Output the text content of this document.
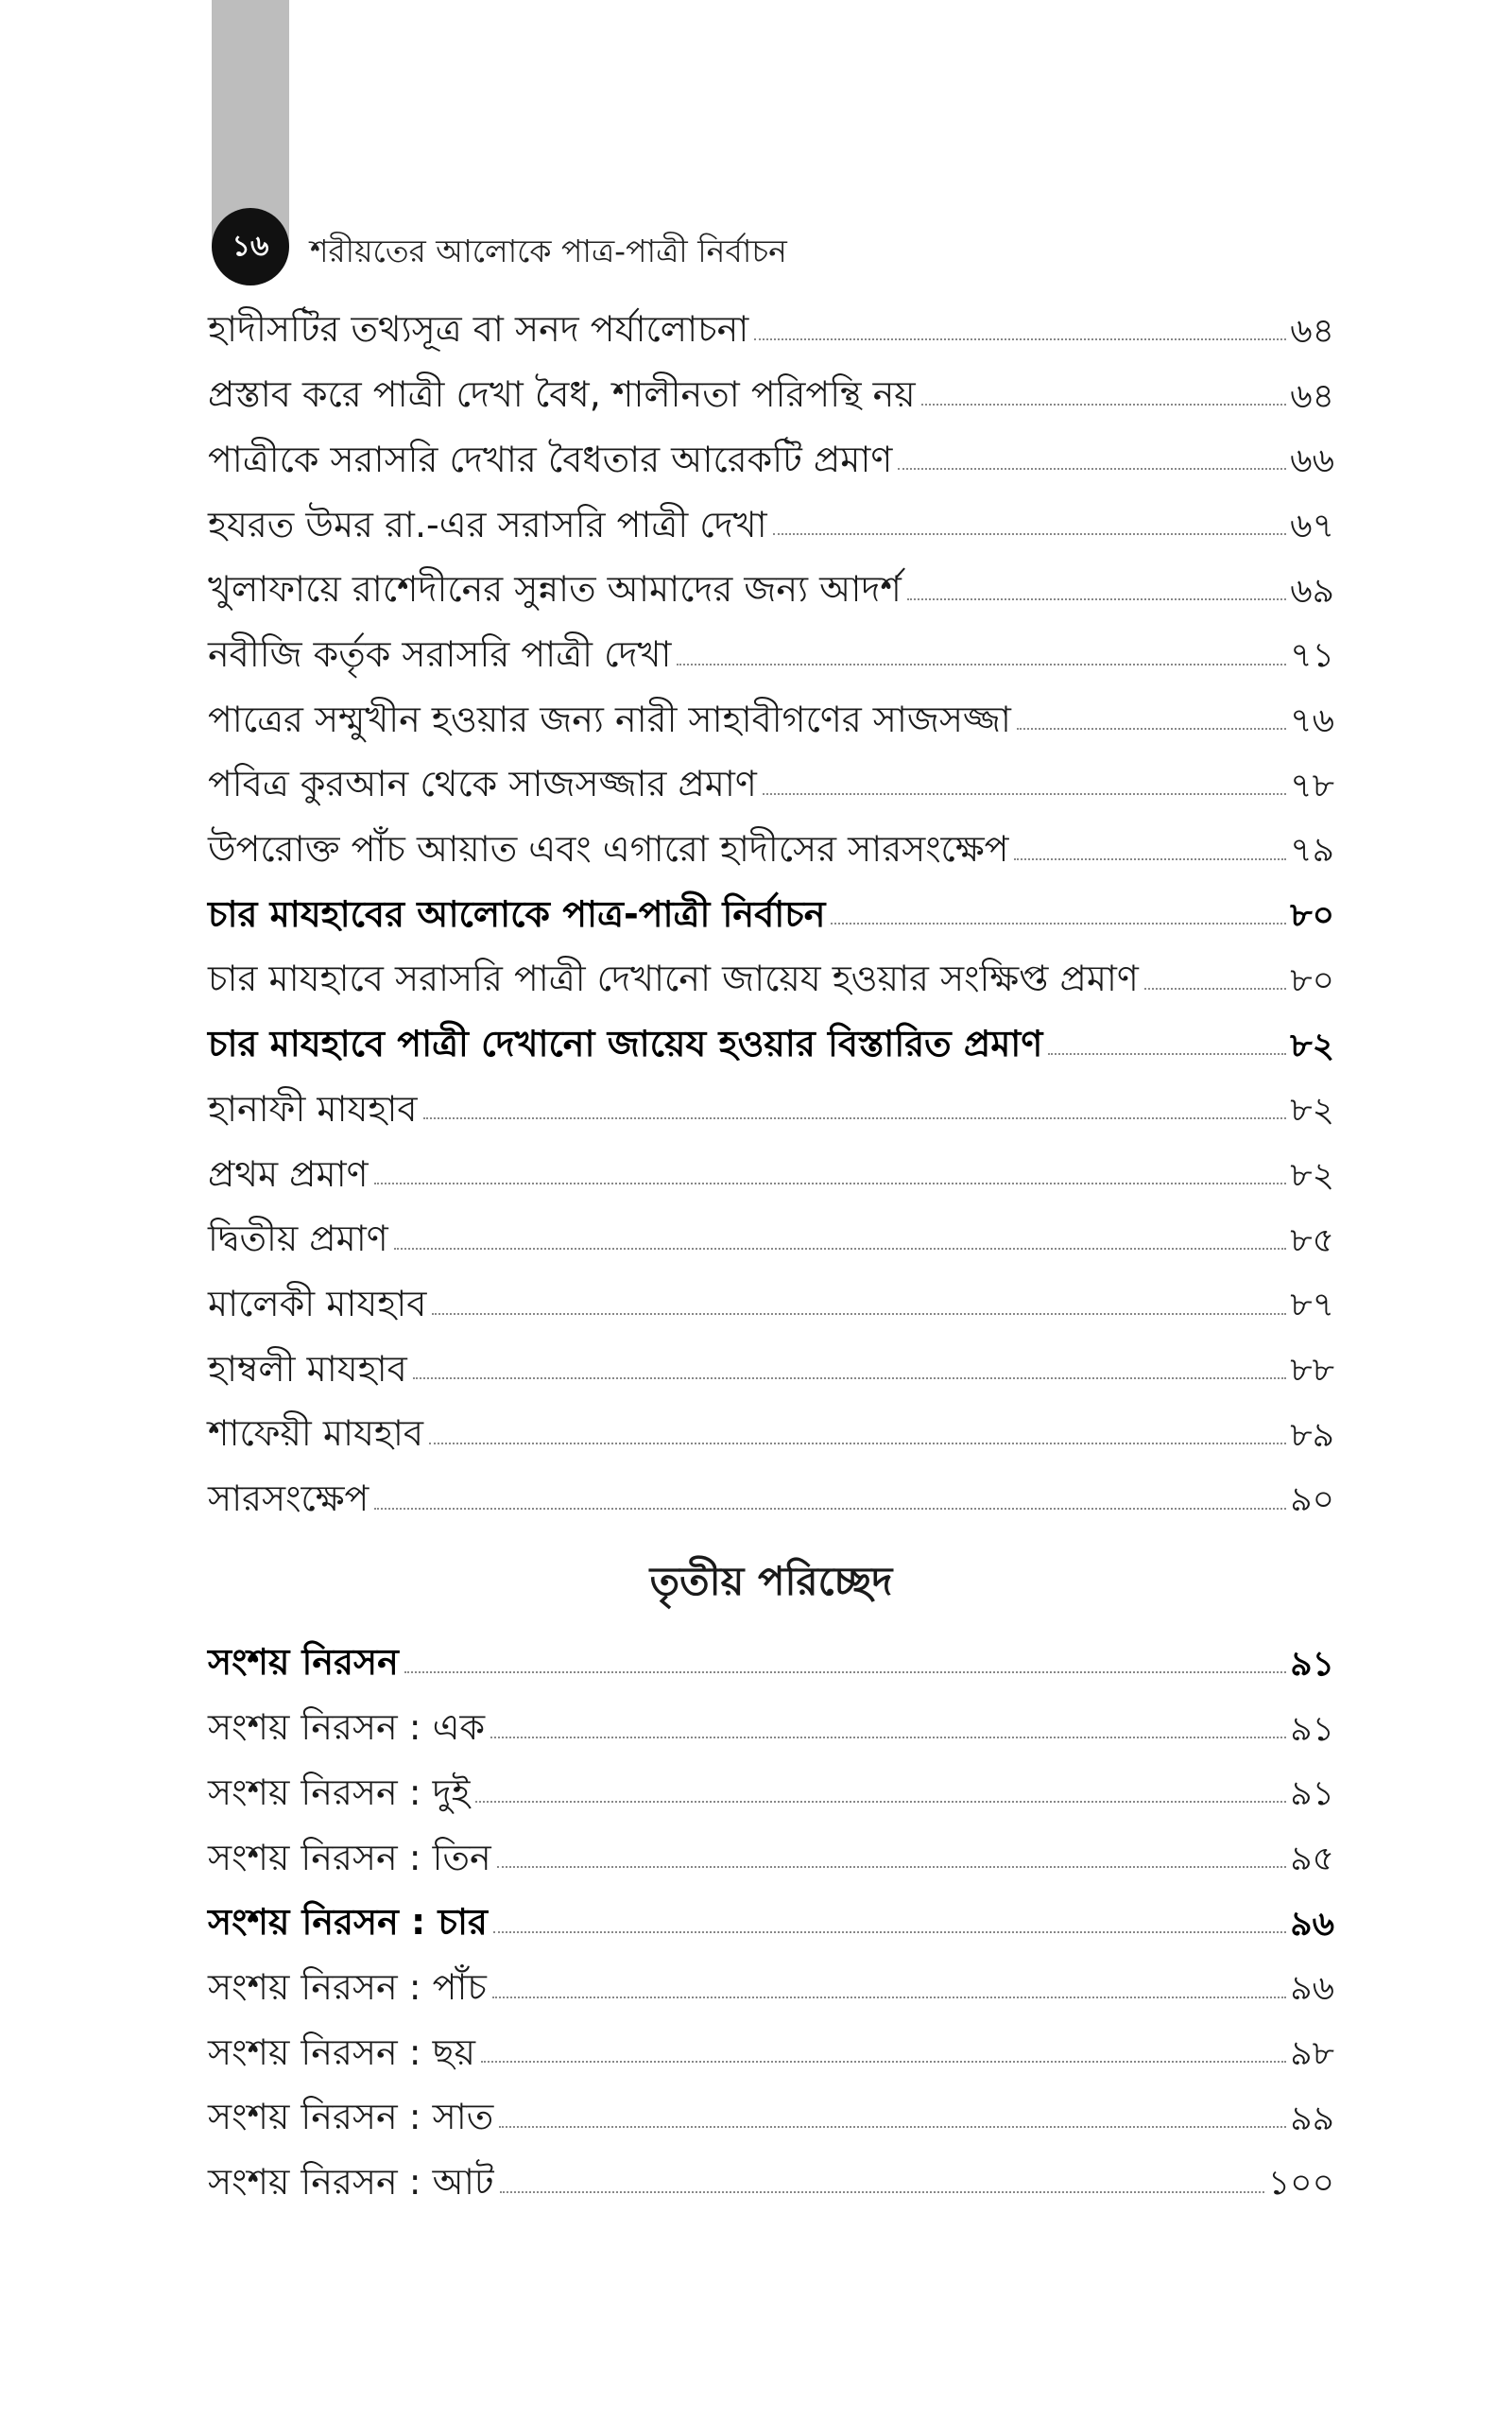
১৬	শরীয়তের আলোকে পাত্র-পাত্রী নির্বাচন
হাদীসটির তথ্যসূত্র বা সনদ পর্যালোচনা	৬৪
প্রস্তাব করে পাত্রী দেখা বৈধ, শালীনতা পরিপন্থি নয়	৬৪
পাত্রীকে সরাসরি দেখার বৈধতার আরেকটি প্রমাণ	৬৬
হযরত উমর রা.-এর সরাসরি পাত্রী দেখা	৬৭
খুলাফায়ে রাশেদীনের সুন্নাত আমাদের জন্য আদর্শ	৬৯
নবীজি কর্তৃক সরাসরি পাত্রী দেখা	৭১
পাত্রের সম্মুখীন হওয়ার জন্য নারী সাহাবীগণের সাজসজ্জা	৭৬
পবিত্র কুরআন থেকে সাজসজ্জার প্রমাণ	৭৮
উপরোক্ত পাঁচ আয়াত এবং এগারো হাদীসের সারসংক্ষেপ	৭৯
চার মাযহাবের আলোকে পাত্র-পাত্রী নির্বাচন	৮০
চার মাযহাবে সরাসরি পাত্রী দেখানো জায়েয হওয়ার সংক্ষিপ্ত প্রমাণ	৮০
চার মাযহাবে পাত্রী দেখানো জায়েয হওয়ার বিস্তারিত প্রমাণ	৮২
হানাফী মাযহাব	৮২
প্রথম প্রমাণ	৮২
দ্বিতীয় প্রমাণ	৮৫
মালেকী মাযহাব	৮৭
হাম্বলী মাযহাব	৮৮
শাফেয়ী মাযহাব	৮৯
সারসংক্ষেপ	৯০
তৃতীয় পরিচ্ছেদ
সংশয় নিরসন	৯১
সংশয় নিরসন : এক	৯১
সংশয় নিরসন : দুই	৯১
সংশয় নিরসন : তিন	৯৫
সংশয় নিরসন : চার	৯৬
সংশয় নিরসন : পাঁচ	৯৬
সংশয় নিরসন : ছয়	৯৮
সংশয় নিরসন : সাত	৯৯
সংশয় নিরসন : আট	১০০
